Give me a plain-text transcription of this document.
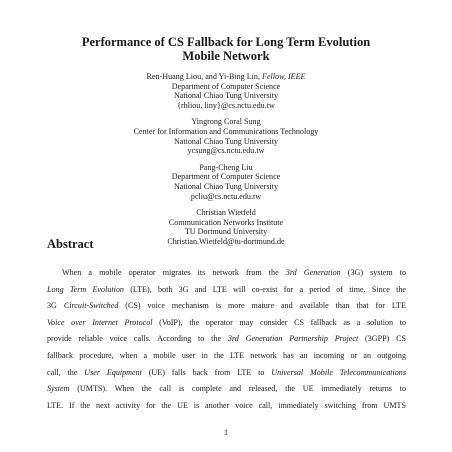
Performance of CS Fallback for Long Term Evolution
Mobile Network
Ren-Huang Liou, and Yi-Bing Lin, Fellow, IEEE
Department of Computer Science
National Chiao Tung University
{rhliou, liny}@cs.nctu.edu.tw
Yingrong Coral Sung
Center for Information and Communications Technology
National Chiao Tung University
ycsung@cs.nctu.edu.tw
Pang-Cheng Liu
Department of Computer Science
National Chiao Tung University
pcliu@cs.nctu.edu.tw
Christian Wietfeld
Communication Networks Institute
TU Dortmund University
Christian.Wietfeld@tu-dortmund.de
Abstract
When a mobile operator migrates its network from the 3rd Generation (3G) system to
Long Term Evolution (LTE), both 3G and LTE will co-exist for a period of time. Since the
3G Circuit-Switched (CS) voice mechanism is more mature and available than that for LTE
Voice over Internet Protocol (VoIP), the operator may consider CS fallback as a solution to
provide reliable voice calls. According to the 3rd Generation Partnership Project (3GPP) CS
fallback procedure, when a mobile user in the LTE network has an incoming or an outgoing
call, the User Equipment (UE) falls back from LTE to Universal Mobile Telecommunications
System (UMTS). When the call is complete and released, the UE immediately returns to
LTE. If the next activity for the UE is another voice call, immediately switching from UMTS
1
